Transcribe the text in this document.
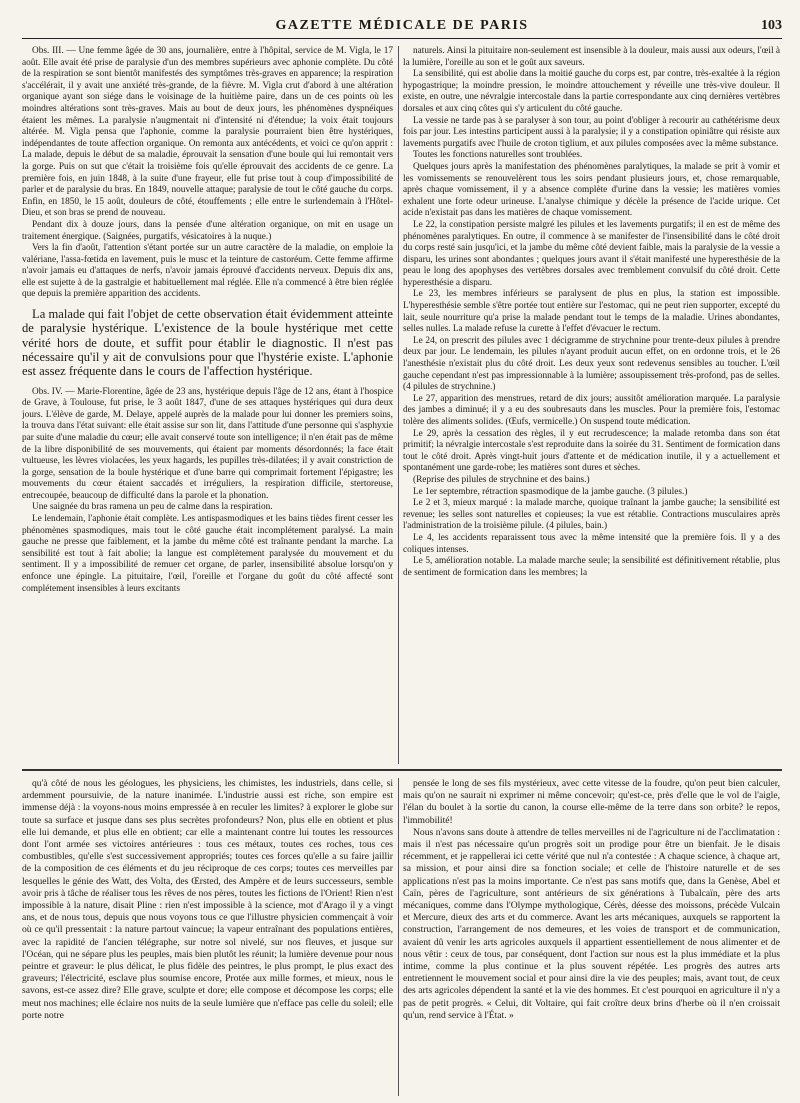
GAZETTE MÉDICALE DE PARIS	103

Obs. III. — Une femme âgée de 30 ans, journalière, entre à l'hôpital, service de M. Vigla, le 17 août. Elle avait été prise de paralysie d'un des membres supérieurs avec aphonie complète. Du côté de la respiration se sont bientôt manifestés des symptômes très-graves en apparence; la respiration s'accélérait, il y avait une anxiété très-grande, de la fièvre. M. Vigla crut d'abord à une altération organique ayant son siége dans le voisinage de la huitième paire, dans un de ces points où les moindres altérations sont très-graves. Mais au bout de deux jours, les phénomènes dyspnéiques étaient les mêmes. La paralysie n'augmentait ni d'intensité ni d'étendue; la voix était toujours altérée. M. Vigla pensa que l'aphonie, comme la paralysie pourraient bien être hystériques, indépendantes de toute affection organique. On remonta aux antécédents, et voici ce qu'on apprit : La malade, depuis le début de sa maladie, éprouvait la sensation d'une boule qui lui remontait vers la gorge. Puis on sut que c'était la troisième fois qu'elle éprouvait des accidents de ce genre. La première fois, en juin 1848, à la suite d'une frayeur, elle fut prise tout à coup d'impossibilité de parler et de paralysie du bras. En 1849, nouvelle attaque; paralysie de tout le côté gauche du corps. Enfin, en 1850, le 15 août, douleurs de côté, étouffements ; elle entre le surlendemain à l'Hôtel-Dieu, et son bras se prend de nouveau.

Pendant dix à douze jours, dans la pensée d'une altération organique, on mit en usage un traitement énergique. (Saignées, purgatifs, vésicatoires à la nuque.)

Vers la fin d'août, l'attention s'étant portée sur un autre caractère de la maladie, on emploie la valériane, l'assa-fœtida en lavement, puis le musc et la teinture de castoréum. Cette femme affirme n'avoir jamais eu d'attaques de nerfs, n'avoir jamais éprouvé d'accidents nerveux. Depuis dix ans, elle est sujette à de la gastralgie et habituellement mal réglée. Elle n'a commencé à être bien réglée que depuis la première apparition des accidents.

La malade qui fait l'objet de cette observation était évidemment atteinte de paralysie hystérique. L'existence de la boule hystérique met cette vérité hors de doute, et suffit pour établir le diagnostic. Il n'est pas nécessaire qu'il y ait de convulsions pour que l'hystérie existe. L'aphonie est assez fréquente dans le cours de l'affection hystérique.

Obs. IV. — Marie-Florentine, âgée de 23 ans, hystérique depuis l'âge de 12 ans, étant à l'hospice de Grave, à Toulouse, fut prise, le 3 août 1847, d'une de ses attaques hystériques qui dura deux jours. L'élève de garde, M. Delaye, appelé auprès de la malade pour lui donner les premiers soins, la trouva dans l'état suivant: elle était assise sur son lit, dans l'attitude d'une personne qui s'asphyxie par suite d'une maladie du cœur; elle avait conservé toute son intelligence; il n'en était pas de même de la libre disponibilité de ses mouvements, qui étaient par moments désordonnés; la face était vultueuse, les lèvres violacées, les yeux hagards, les pupilles très-dilatées; il y avait constriction de la gorge, sensation de la boule hystérique et d'une barre qui comprimait fortement l'épigastre; les mouvements du cœur étaient saccadés et irréguliers, la respiration difficile, stertoreuse, entrecoupée, beaucoup de difficulté dans la parole et la phonation.

Une saignée du bras ramena un peu de calme dans la respiration.

Le lendemain, l'aphonie était complète. Les antispasmodiques et les bains tièdes firent cesser les phénomènes spasmodiques, mais tout le côté gauche était incomplétement paralysé. La main gauche ne presse que faiblement, et la jambe du même côté est traînante pendant la marche. La sensibilité est tout à fait abolie; la langue est complètement paralysée du mouvement et du sentiment. Il y a impossibilité de remuer cet organe, de parler, insensibilité absolue lorsqu'on y enfonce une épingle. La pituitaire, l'œil, l'oreille et l'organe du goût du côté affecté sont complétement insensibles à leurs excitants

naturels. Ainsi la pituitaire non-seulement est insensible à la douleur, mais aussi aux odeurs, l'œil à la lumière, l'oreille au son et le goût aux saveurs.

La sensibilité, qui est abolie dans la moitié gauche du corps est, par contre, très-exaltée à la région hypogastrique; la moindre pression, le moindre attouchement y réveille une très-vive douleur. Il existe, en outre, une névralgie intercostale dans la partie correspondante aux cinq dernières vertèbres dorsales et aux cinq côtes qui s'y articulent du côté gauche.

La vessie ne tarde pas à se paralyser à son tour, au point d'obliger à recourir au cathétérisme deux fois par jour. Les intestins participent aussi à la paralysie; il y a constipation opiniâtre qui résiste aux lavements purgatifs avec l'huile de croton tiglium, et aux pilules composées avec la même substance.

Toutes les fonctions naturelles sont troublées.

Quelques jours après la manifestation des phénomènes paralytiques, la malade se prit à vomir et les vomissements se renouvelèrent tous les soirs pendant plusieurs jours, et, chose remarquable, après chaque vomissement, il y a absence complète d'urine dans la vessie; les matières vomies exhalent une forte odeur urineuse. L'analyse chimique y décèle la présence de l'acide urique. Cet acide n'existait pas dans les matières de chaque vomissement.

Le 22, la constipation persiste malgré les pilules et les lavements purgatifs; il en est de même des phénomènes paralytiques. En outre, il commence à se manifester de l'insensibilité dans le côté droit du corps resté sain jusqu'ici, et la jambe du même côté devient faible, mais la paralysie de la vessie a disparu, les urines sont abondantes ; quelques jours avant il s'était manifesté une hyperesthésie de la peau le long des apophyses des vertèbres dorsales avec tremblement convulsif du côté droit. Cette hyperesthésie a disparu.

Le 23, les membres inférieurs se paralysent de plus en plus, la station est impossible. L'hyperesthésie semble s'être portée tout entière sur l'estomac, qui ne peut rien supporter, excepté du lait, seule nourriture qu'a prise la malade pendant tout le temps de la maladie. Urines abondantes, selles nulles. La malade refuse la curette à l'effet d'évacuer le rectum.

Le 24, on prescrit des pilules avec 1 décigramme de strychnine pour trente-deux pilules à prendre deux par jour. Le lendemain, les pilules n'ayant produit aucun effet, on en ordonne trois, et le 26 l'anesthésie n'existait plus du côté droit. Les deux yeux sont redevenus sensibles au toucher. L'œil gauche cependant n'est pas impressionnable à la lumière; assoupissement très-profond, pas de selles. (4 pilules de strychnine.)

Le 27, apparition des menstrues, retard de dix jours; aussitôt amélioration marquée. La paralysie des jambes a diminué; il y a eu des soubresauts dans les muscles. Pour la première fois, l'estomac tolère des aliments solides. (Œufs, vermicelle.) On suspend toute médication.

Le 29, après la cessation des règles, il y eut recrudescence; la malade retomba dans son état primitif; la névralgie intercostale s'est reproduite dans la soirée du 31. Sentiment de formication dans tout le côté droit. Après vingt-huit jours d'attente et de médication inutile, il y a actuellement et spontanément une garde-robe; les matières sont dures et sèches.

(Reprise des pilules de strychnine et des bains.)

Le 1er septembre, rétraction spasmodique de la jambe gauche. (3 pilules.)

Le 2 et 3, mieux marqué : la malade marche, quoique traînant la jambe gauche; la sensibilité est revenue; les selles sont naturelles et copieuses; la vue est rétablie. Contractions musculaires après l'administration de la troisième pilule. (4 pilules, bain.)

Le 4, les accidents reparaissent tous avec la même intensité que la première fois. Il y a des coliques intenses.

Le 5, amélioration notable. La malade marche seule; la sensibilité est définitivement rétablie, plus de sentiment de formication dans les membres; la

qu'à côté de nous les géologues, les physiciens, les chimistes, les industriels, dans celle, si ardemment poursuivie, de la nature inanimée. L'industrie aussi est riche, son empire est immense déjà : la voyons-nous moins empressée à en reculer les limites? à explorer le globe sur toute sa surface et jusque dans ses plus secrètes profondeurs? Non, plus elle en obtient et plus elle lui demande, et plus elle en obtient; car elle a maintenant contre lui toutes les ressources dont l'ont armée ses victoires antérieures : tous ces métaux, toutes ces roches, tous ces combustibles, qu'elle s'est successivement appropriés; toutes ces forces qu'elle a su faire jaillir de la composition de ces éléments et du jeu réciproque de ces corps; toutes ces merveilles par lesquelles le génie des Watt, des Volta, des Œrsted, des Ampère et de leurs successeurs, semble avoir pris à tâche de réaliser tous les rêves de nos pères, toutes les fictions de l'Orient! Rien n'est impossible à la nature, disait Pline : rien n'est impossible à la science, mot d'Arago il y a vingt ans, et de nous tous, depuis que nous voyons tous ce que l'illustre physicien commençait à voir où ce qu'il pressentait : la nature partout vaincue; la vapeur entraînant des populations entières, avec la rapidité de l'ancien télégraphe, sur notre sol nivelé, sur nos fleuves, et jusque sur l'Océan, qui ne sépare plus les peuples, mais bien plutôt les réunit; la lumière devenue pour nous peintre et graveur: le plus délicat, le plus fidèle des peintres, le plus prompt, le plus exact des graveurs; l'électricité, esclave plus soumise encore, Protée aux mille formes, et mieux, nous le savons, est-ce assez dire? Elle grave, sculpte et dore; elle compose et décompose les corps; elle meut nos machines; elle éclaire nos nuits de la seule lumière que n'efface pas celle du soleil; elle porte notre

pensée le long de ses fils mystérieux, avec cette vitesse de la foudre, qu'on peut bien calculer, mais qu'on ne saurait ni exprimer ni même concevoir; qu'est-ce, près d'elle que le vol de l'aigle, l'élan du boulet à la sortie du canon, la course elle-même de la terre dans son orbite? le repos, l'immobilité!

Nous n'avons sans doute à attendre de telles merveilles ni de l'agriculture ni de l'acclimatation : mais il n'est pas nécessaire qu'un progrès soit un prodige pour être un bienfait. Je le disais récemment, et je rappellerai ici cette vérité que nul n'a contestée : A chaque science, à chaque art, sa mission, et pour ainsi dire sa fonction sociale; et celle de l'histoire naturelle et de ses applications n'est pas la moins importante. Ce n'est pas sans motifs que, dans la Genèse, Abel et Caïn, pères de l'agriculture, sont antérieurs de six générations à Tubalcaïn, père des arts mécaniques, comme dans l'Olympe mythologique, Cérès, déesse des moissons, précède Vulcain et Mercure, dieux des arts et du commerce. Avant les arts mécaniques, auxquels se rapportent la construction, l'arrangement de nos demeures, et les voies de transport et de communication, avaient dû venir les arts agricoles auxquels il appartient essentiellement de nous alimenter et de nous vêtir : ceux de tous, par conséquent, dont l'action sur nous est la plus immédiate et la plus intime, comme la plus continue et la plus souvent répétée. Les progrès des autres arts entretiennent le mouvement social et pour ainsi dire la vie des peuples; mais, avant tout, de ceux des arts agricoles dépendent la santé et la vie des hommes. Et c'est pourquoi en agriculture il n'y a pas de petit progrès. « Celui, dit Voltaire, qui fait croître deux brins d'herbe où il n'en croissait qu'un, rend service à l'État. »
